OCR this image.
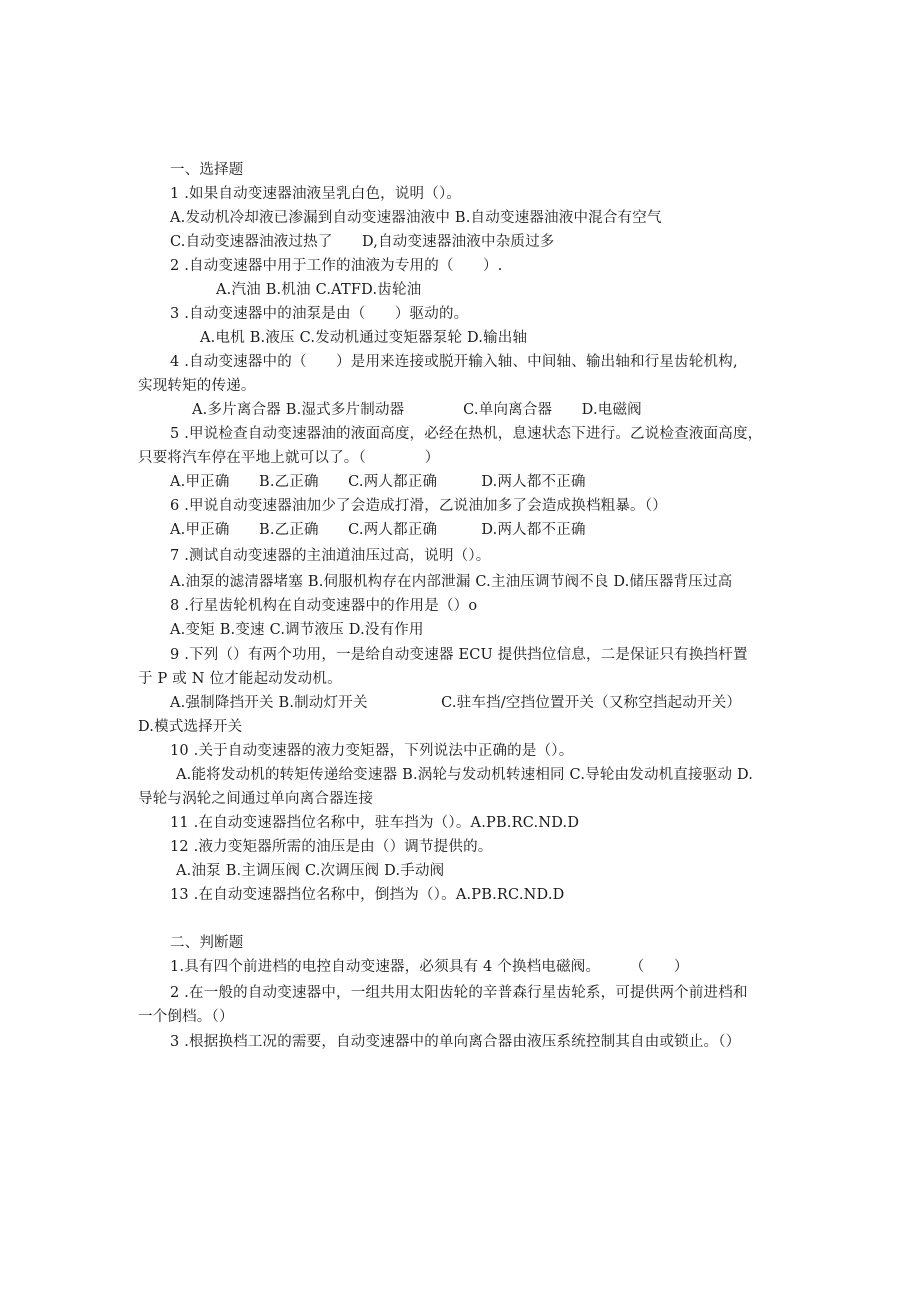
一、选择题
1 .如果自动变速器油液呈乳白色，说明（）。
A.发动机冷却液已渗漏到自动变速器油液中 B.自动变速器油液中混合有空气
C.自动变速器油液过热了　　D,自动变速器油液中杂质过多
2 .自动变速器中用于工作的油液为专用的（　　）.
A.汽油 B.机油 C.ATFD.齿轮油
3 .自动变速器中的油泵是由（　　）驱动的。
A.电机 B.液压 C.发动机通过变矩器泵轮 D.输出轴
4 .自动变速器中的（　　）是用来连接或脱开输入轴、中间轴、输出轴和行星齿轮机构,
实现转矩的传递。
A.多片离合器 B.湿式多片制动器　　　　C.单向离合器　　D.电磁阀
5 .甲说检查自动变速器油的液面高度，必经在热机，息速状态下进行。乙说检查液面高度，
只要将汽车停在平地上就可以了。（　　　　）
A.甲正确　　B.乙正确　　C.两人都正确　　　D.两人都不正确
6 .甲说自动变速器油加少了会造成打滑，乙说油加多了会造成换档粗暴。（）
A.甲正确　　B.乙正确　　C.两人都正确　　　D.两人都不正确
7 .测试自动变速器的主油道油压过高，说明（）。
A.油泵的滤清器堵塞 B.伺服机构存在内部泄漏 C.主油压调节阀不良 D.储压器背压过高
8 .行星齿轮机构在自动变速器中的作用是（）o
A.变矩 B.变速 C.调节液压 D.没有作用
9 .下列（）有两个功用，一是给自动变速器 ECU 提供挡位信息，二是保证只有换挡杆置
于 P 或 N 位才能起动发动机。
A.强制降挡开关 B.制动灯开关　　　　　C.驻车挡/空挡位置开关（又称空挡起动开关）
D.模式选择开关
10 .关于自动变速器的液力变矩器，下列说法中正确的是（）。
A.能将发动机的转矩传递给变速器 B.涡轮与发动机转速相同 C.导轮由发动机直接驱动 D.
导轮与涡轮之间通过单向离合器连接
11 .在自动变速器挡位名称中，驻车挡为（）。A.PB.RC.ND.D
12 .液力变矩器所需的油压是由（）调节提供的。
A.油泵 B.主调压阀 C.次调压阀 D.手动阀
13 .在自动变速器挡位名称中，倒挡为（）。A.PB.RC.ND.D
二、判断题
1.具有四个前进档的电控自动变速器，必须具有 4 个换档电磁阀。　　　（　　）
2 .在一般的自动变速器中，一组共用太阳齿轮的辛普森行星齿轮系，可提供两个前进档和
一个倒档。（）
3 .根据换档工况的需要，自动变速器中的单向离合器由液压系统控制其自由或锁止。（）
